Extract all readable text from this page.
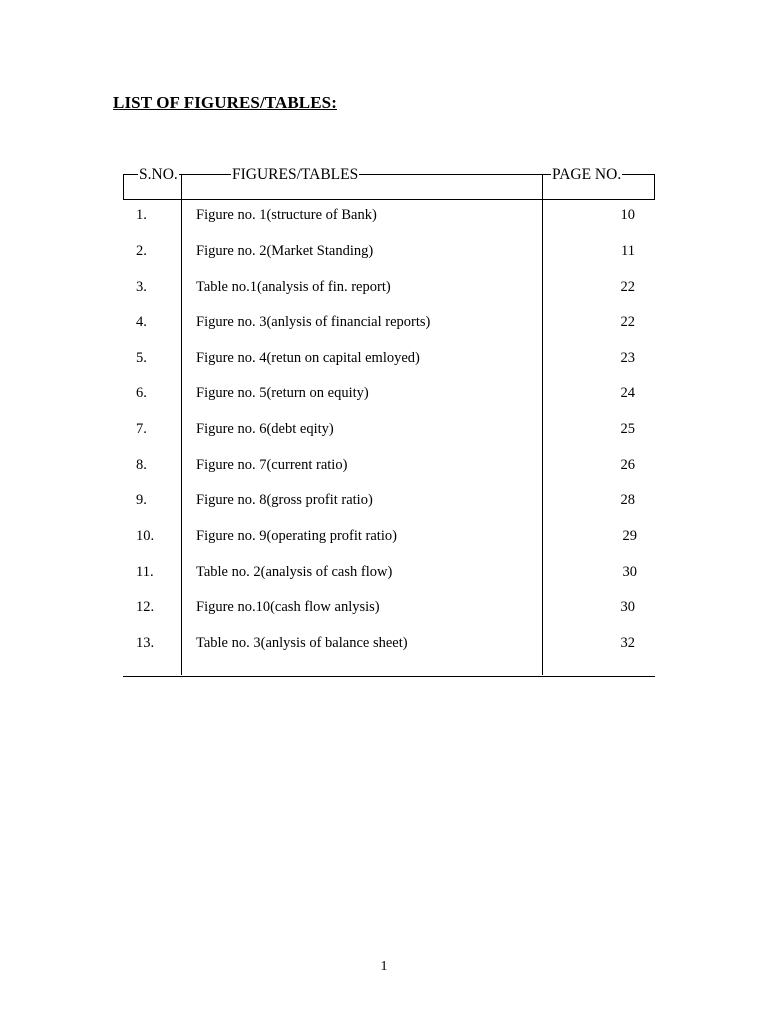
LIST OF FIGURES/TABLES:
S.NO.	FIGURES/TABLES	PAGE NO.
1.	Figure no. 1(structure of Bank)	10
2.	Figure no. 2(Market Standing)	11
3.	Table no.1(analysis of fin. report)	22
4.	Figure no. 3(anlysis of financial reports)	22
5.	Figure no. 4(retun on capital emloyed)	23
6.	Figure no. 5(return on equity)	24
7.	Figure no. 6(debt eqity)	25
8.	Figure no. 7(current ratio)	26
9.	Figure no. 8(gross profit ratio)	28
10.	Figure no. 9(operating profit ratio)	29
11.	Table no. 2(analysis of cash flow)	30
12.	Figure no.10(cash flow anlysis)	30
13.	Table no. 3(anlysis of balance sheet)	32
1
